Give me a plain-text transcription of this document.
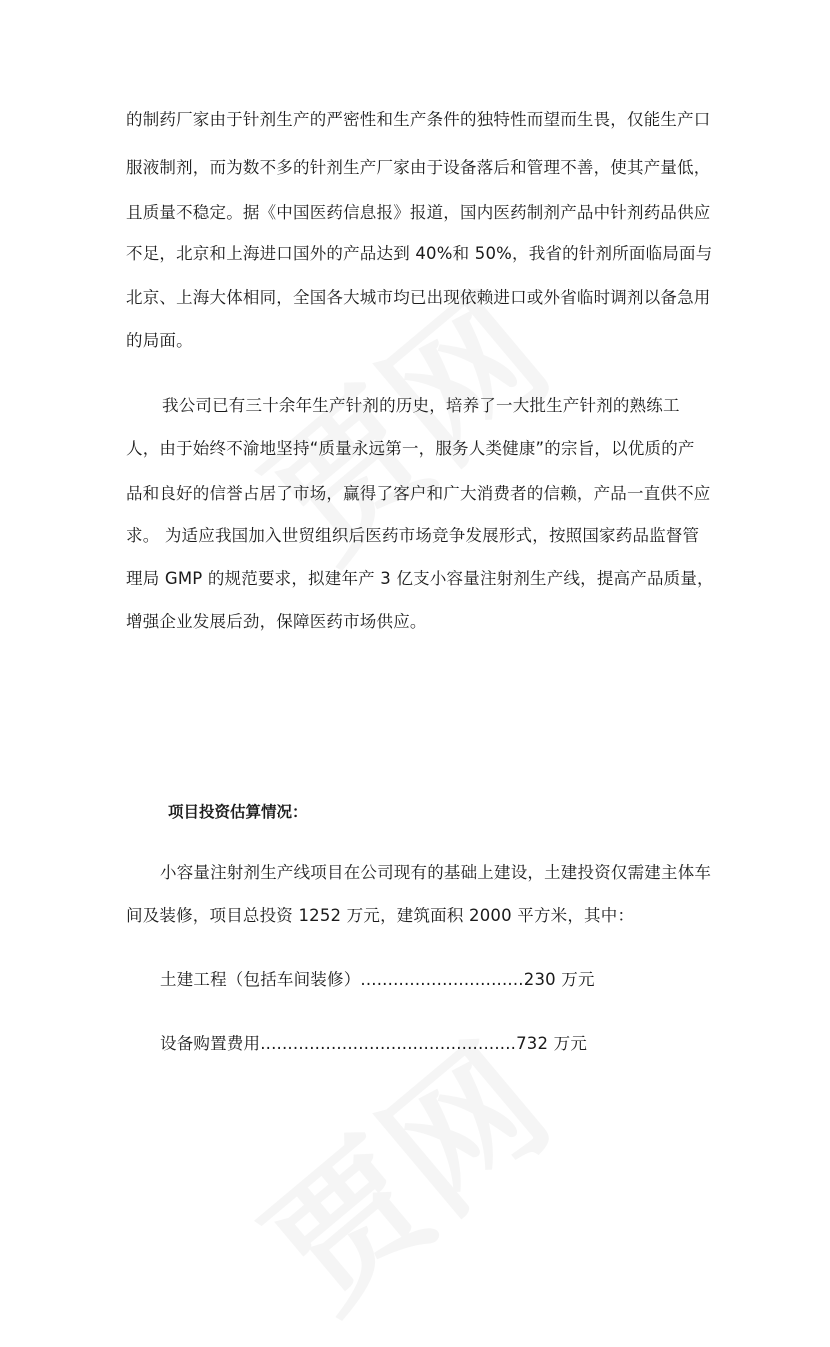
的制药厂家由于针剂生产的严密性和生产条件的独特性而望而生畏，仅能生产口
服液制剂，而为数不多的针剂生产厂家由于设备落后和管理不善，使其产量低，
且质量不稳定。据《中国医药信息报》报道，国内医药制剂产品中针剂药品供应
不足，北京和上海进口国外的产品达到 40%和 50%，我省的针剂所面临局面与
北京、上海大体相同，全国各大城市均已出现依赖进口或外省临时调剂以备急用
的局面。
我公司已有三十余年生产针剂的历史，培养了一大批生产针剂的熟练工
人，由于始终不渝地坚持“质量永远第一，服务人类健康”的宗旨，以优质的产
品和良好的信誉占居了市场，赢得了客户和广大消费者的信赖，产品一直供不应
求。 为适应我国加入世贸组织后医药市场竞争发展形式，按照国家药品监督管
理局 GMP 的规范要求，拟建年产 3 亿支小容量注射剂生产线，提高产品质量，
增强企业发展后劲，保障医药市场供应。
项目投资估算情况：
小容量注射剂生产线项目在公司现有的基础上建设，土建投资仅需建主体车
间及装修，项目总投资 1252 万元，建筑面积 2000 平方米，其中：
土建工程（包括车间装修）..............................230 万元
设备购置费用...............................................732 万元
